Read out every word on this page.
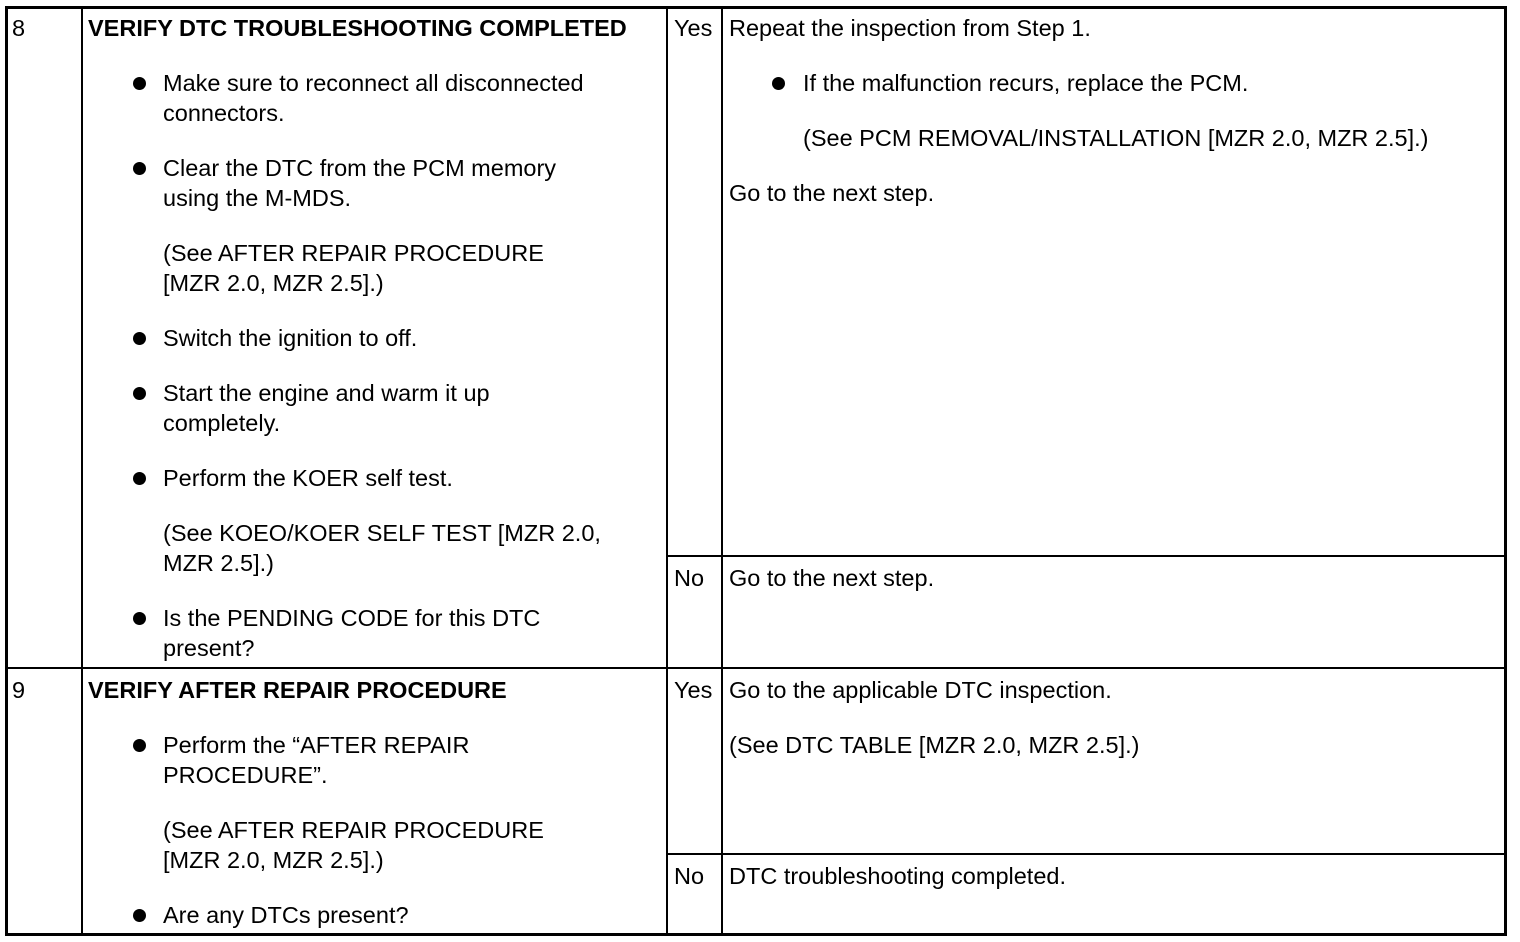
8	VERIFY DTC TROUBLESHOOTING COMPLETED
Make sure to reconnect all disconnected
connectors.
Clear the DTC from the PCM memory
using the M-MDS.
(See AFTER REPAIR PROCEDURE
[MZR 2.0, MZR 2.5].)
Switch the ignition to off.
Start the engine and warm it up
completely.
Perform the KOER self test.
(See KOEO/KOER SELF TEST [MZR 2.0,
MZR 2.5].)
Is the PENDING CODE for this DTC
present?
Yes Repeat the inspection from Step 1.
If the malfunction recurs, replace the PCM.
(See PCM REMOVAL/INSTALLATION [MZR 2.0, MZR 2.5].)
Go to the next step.
No Go to the next step.
9	VERIFY AFTER REPAIR PROCEDURE
Perform the “AFTER REPAIR
PROCEDURE”.
(See AFTER REPAIR PROCEDURE
[MZR 2.0, MZR 2.5].)
Are any DTCs present?
Yes Go to the applicable DTC inspection.
(See DTC TABLE [MZR 2.0, MZR 2.5].)
No DTC troubleshooting completed.
